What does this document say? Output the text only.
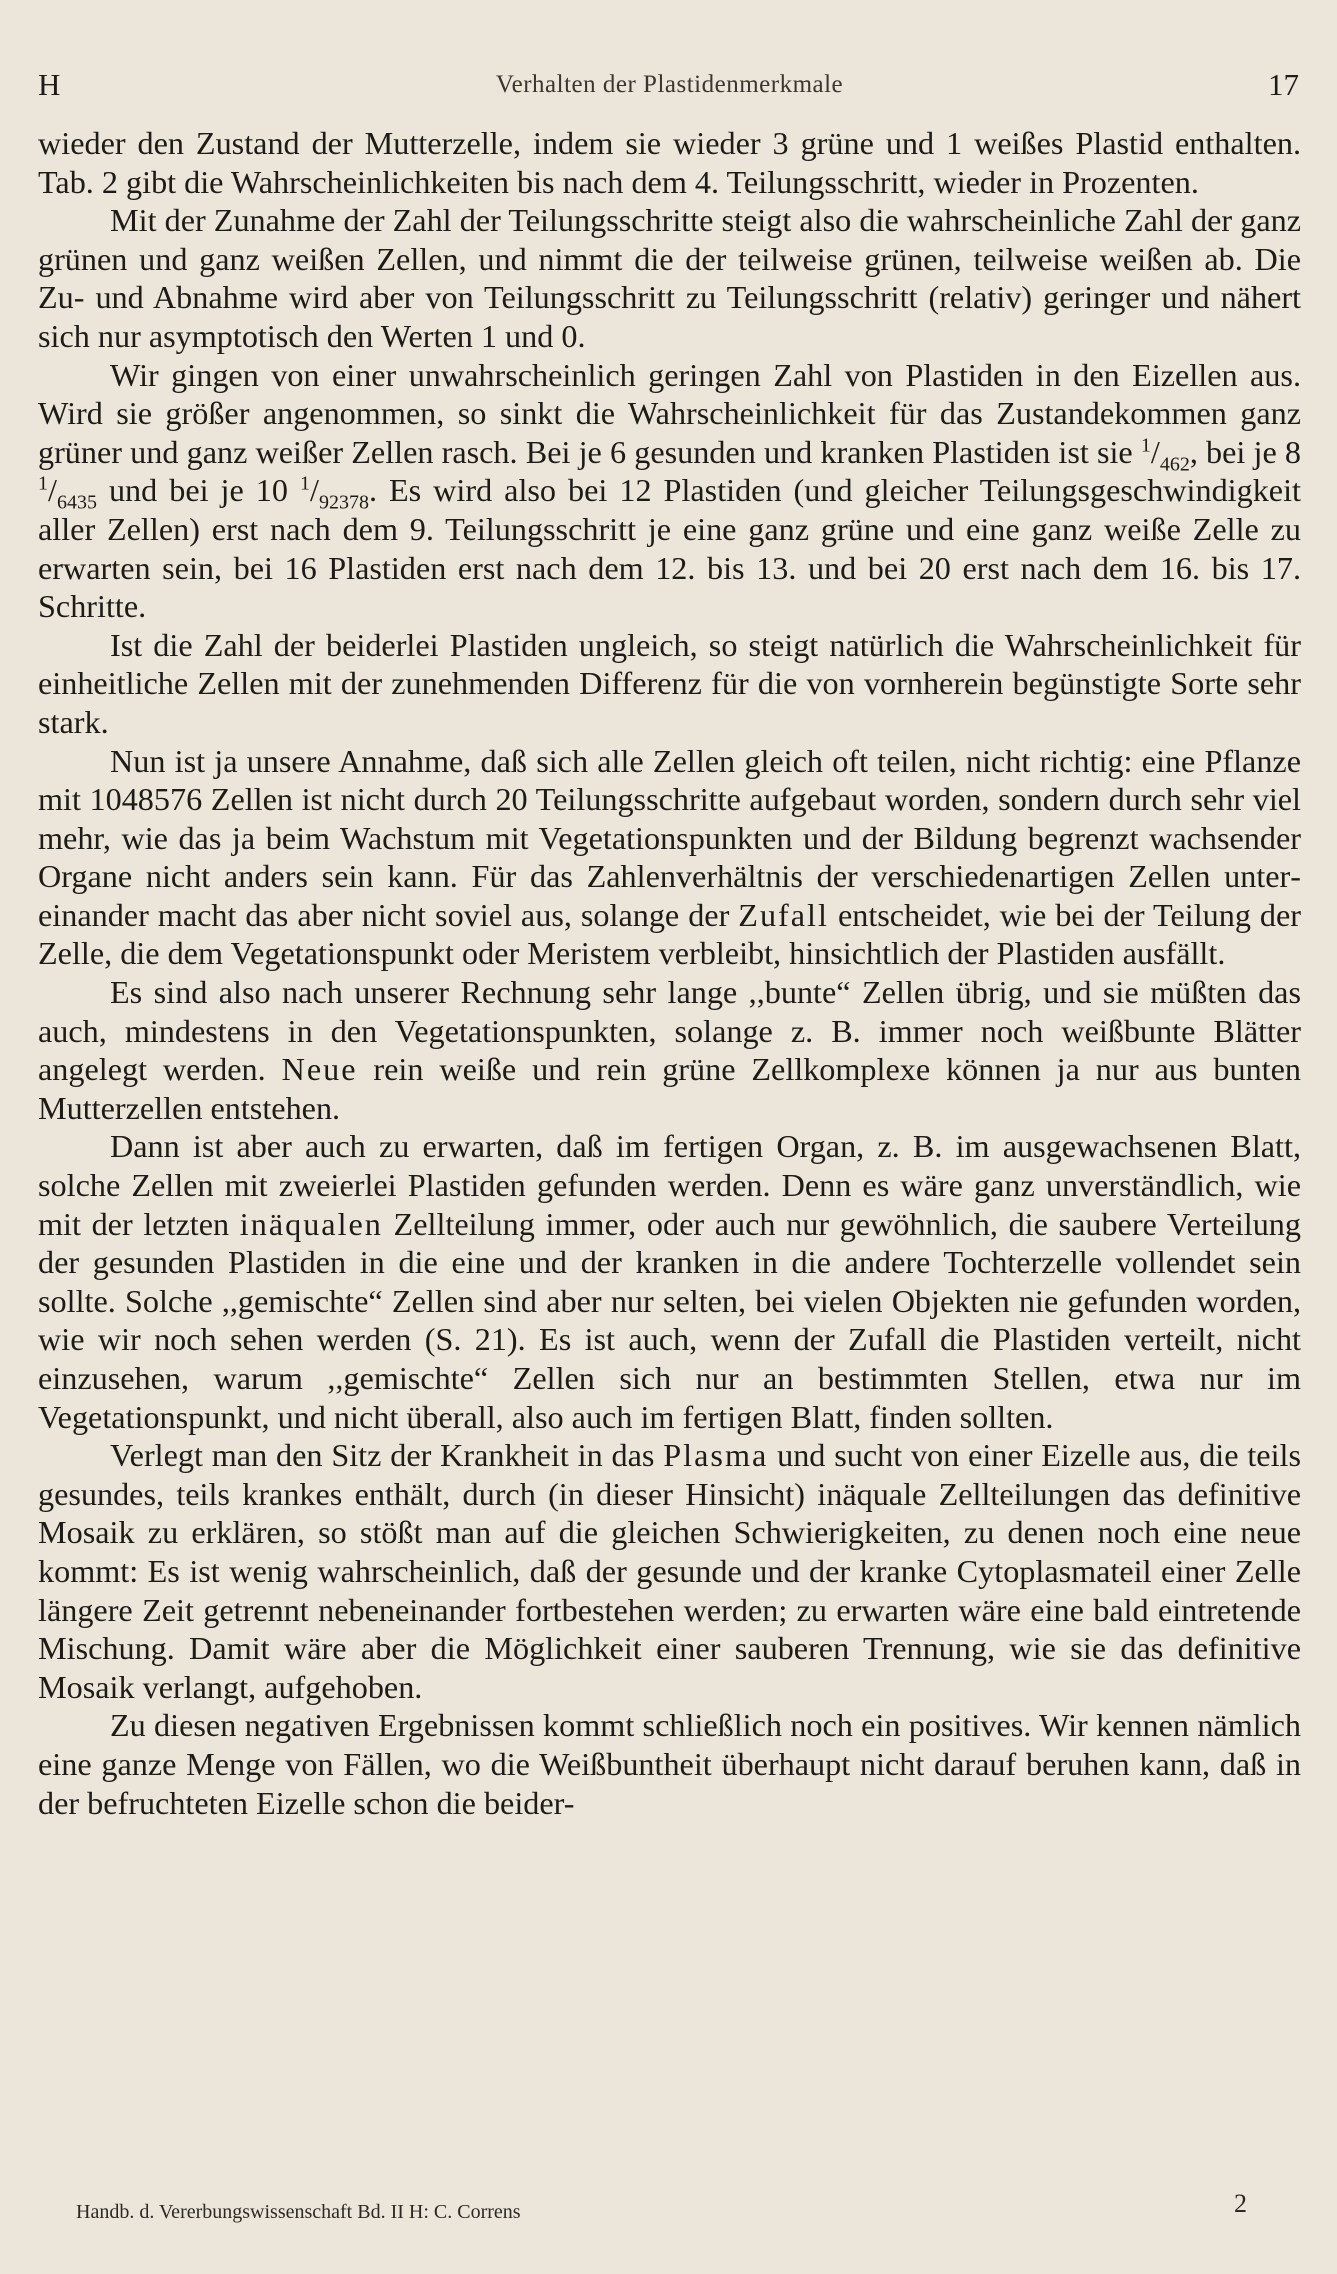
H	Verhalten der Plastidenmerkmale	17

wieder den Zustand der Mutterzelle, indem sie wieder 3 grüne und 1 weißes Plastid enthalten. Tab. 2 gibt die Wahrscheinlichkeiten bis nach dem 4. Teilungsschritt, wieder in Prozenten.

Mit der Zunahme der Zahl der Teilungsschritte steigt also die wahrscheinliche Zahl der ganz grünen und ganz weißen Zellen, und nimmt die der teilweise grünen, teilweise weißen ab. Die Zu- und Abnahme wird aber von Teilungsschritt zu Teilungsschritt (relativ) geringer und nähert sich nur asymptotisch den Werten 1 und 0.

Wir gingen von einer unwahrscheinlich geringen Zahl von Plastiden in den Eizellen aus. Wird sie größer angenommen, so sinkt die Wahrscheinlichkeit für das Zustandekommen ganz grüner und ganz weißer Zellen rasch. Bei je 6 gesunden und kranken Plastiden ist sie $^1/_{462}$, bei je 8 $^1/_{6435}$ und bei je 10 $^1/_{92378}$. Es wird also bei 12 Plastiden (und gleicher Teilungsgeschwindigkeit aller Zellen) erst nach dem 9. Teilungsschritt je eine ganz grüne und eine ganz weiße Zelle zu erwarten sein, bei 16 Plastiden erst nach dem 12. bis 13. und bei 20 erst nach dem 16. bis 17. Schritte.

Ist die Zahl der beiderlei Plastiden ungleich, so steigt natürlich die Wahrscheinlichkeit für einheitliche Zellen mit der zunehmenden Differenz für die von vornherein begünstigte Sorte sehr stark.

Nun ist ja unsere Annahme, daß sich alle Zellen gleich oft teilen, nicht richtig: eine Pflanze mit 1048576 Zellen ist nicht durch 20 Teilungsschritte aufgebaut worden, sondern durch sehr viel mehr, wie das ja beim Wachstum mit Vegetationspunkten und der Bildung begrenzt wachsender Organe nicht anders sein kann. Für das Zahlenverhältnis der verschiedenartigen Zellen untereinander macht das aber nicht soviel aus, solange der Zufall entscheidet, wie bei der Teilung der Zelle, die dem Vegetationspunkt oder Meristem verbleibt, hinsichtlich der Plastiden ausfällt.

Es sind also nach unserer Rechnung sehr lange ,,bunte“ Zellen übrig, und sie müßten das auch, mindestens in den Vegetationspunkten, solange z. B. immer noch weißbunte Blätter angelegt werden. Neue rein weiße und rein grüne Zellkomplexe können ja nur aus bunten Mutterzellen entstehen.

Dann ist aber auch zu erwarten, daß im fertigen Organ, z. B. im ausgewachsenen Blatt, solche Zellen mit zweierlei Plastiden gefunden werden. Denn es wäre ganz unverständlich, wie mit der letzten inäqualen Zellteilung immer, oder auch nur gewöhnlich, die saubere Verteilung der gesunden Plastiden in die eine und der kranken in die andere Tochterzelle vollendet sein sollte. Solche ,,gemischte“ Zellen sind aber nur selten, bei vielen Objekten nie gefunden worden, wie wir noch sehen werden (S. 21). Es ist auch, wenn der Zufall die Plastiden verteilt, nicht einzusehen, warum ,,gemischte“ Zellen sich nur an bestimmten Stellen, etwa nur im Vegetationspunkt, und nicht überall, also auch im fertigen Blatt, finden sollten.

Verlegt man den Sitz der Krankheit in das Plasma und sucht von einer Eizelle aus, die teils gesundes, teils krankes enthält, durch (in dieser Hinsicht) inäquale Zellteilungen das definitive Mosaik zu erklären, so stößt man auf die gleichen Schwierigkeiten, zu denen noch eine neue kommt: Es ist wenig wahrscheinlich, daß der gesunde und der kranke Cytoplasmateil einer Zelle längere Zeit getrennt nebeneinander fortbestehen werden; zu erwarten wäre eine bald eintretende Mischung. Damit wäre aber die Möglichkeit einer sauberen Trennung, wie sie das definitive Mosaik verlangt, aufgehoben.

Zu diesen negativen Ergebnissen kommt schließlich noch ein positives. Wir kennen nämlich eine ganze Menge von Fällen, wo die Weißbuntheit überhaupt nicht darauf beruhen kann, daß in der befruchteten Eizelle schon die beider-

Handb. d. Vererbungswissenschaft Bd. II H: C. Correns	2
